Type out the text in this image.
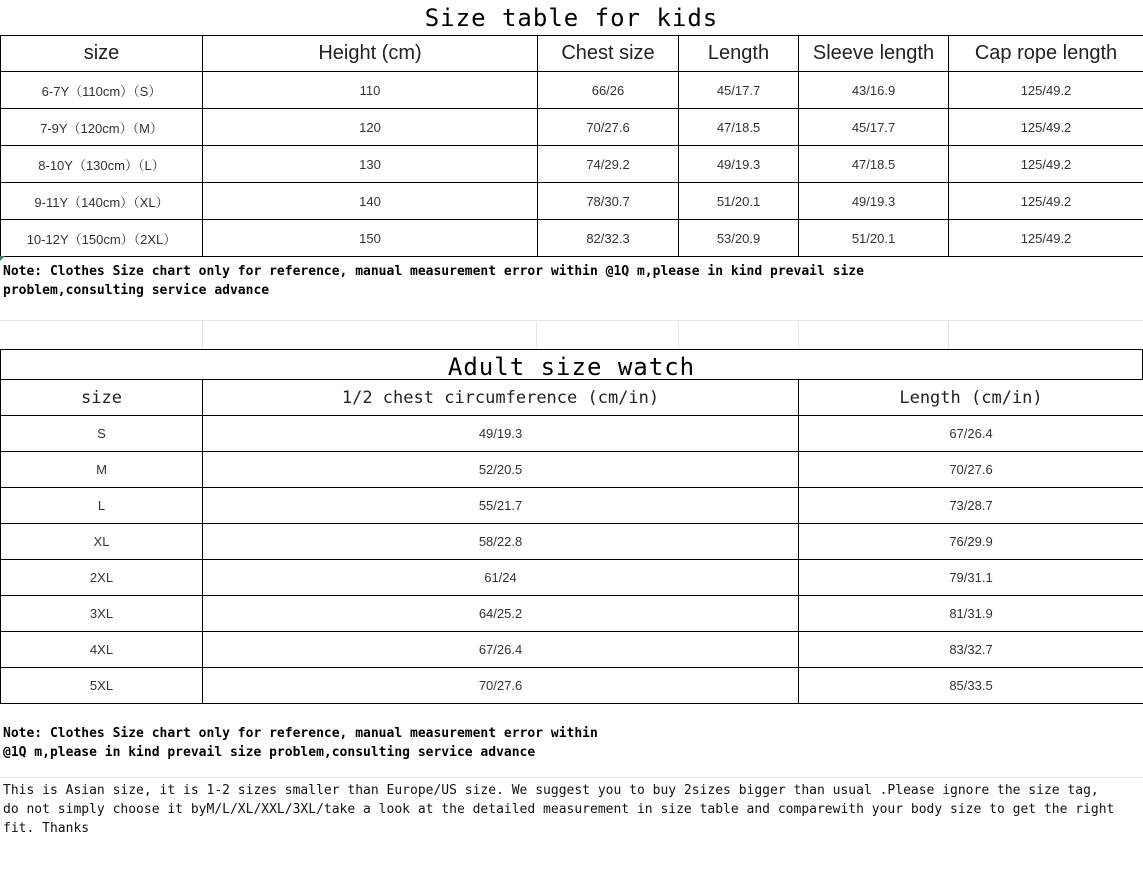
Size table for kids
size	Height (cm)	Chest size	Length	Sleeve length	Cap rope length
6-7Y（110cm）（S）	110	66/26	45/17.7	43/16.9	125/49.2
7-9Y（120cm）（M）	120	70/27.6	47/18.5	45/17.7	125/49.2
8-10Y（130cm）（L）	130	74/29.2	49/19.3	47/18.5	125/49.2
9-11Y（140cm）（XL）	140	78/30.7	51/20.1	49/19.3	125/49.2
10-12Y（150cm）（2XL）	150	82/32.3	53/20.9	51/20.1	125/49.2
Note: Clothes Size chart only for reference, manual measurement error within @1Q m,please in kind prevail size
problem,consulting service advance
Adult size watch
size	1/2 chest circumference (cm/in)	Length (cm/in)
S	49/19.3	67/26.4
M	52/20.5	70/27.6
L	55/21.7	73/28.7
XL	58/22.8	76/29.9
2XL	61/24	79/31.1
3XL	64/25.2	81/31.9
4XL	67/26.4	83/32.7
5XL	70/27.6	85/33.5
Note: Clothes Size chart only for reference, manual measurement error within
@1Q m,please in kind prevail size problem,consulting service advance
This is Asian size, it is 1-2 sizes smaller than Europe/US size. We suggest you to buy 2sizes bigger than usual .Please ignore the size tag,
do not simply choose it byM/L/XL/XXL/3XL/take a look at the detailed measurement in size table and comparewith your body size to get the right
fit. Thanks
